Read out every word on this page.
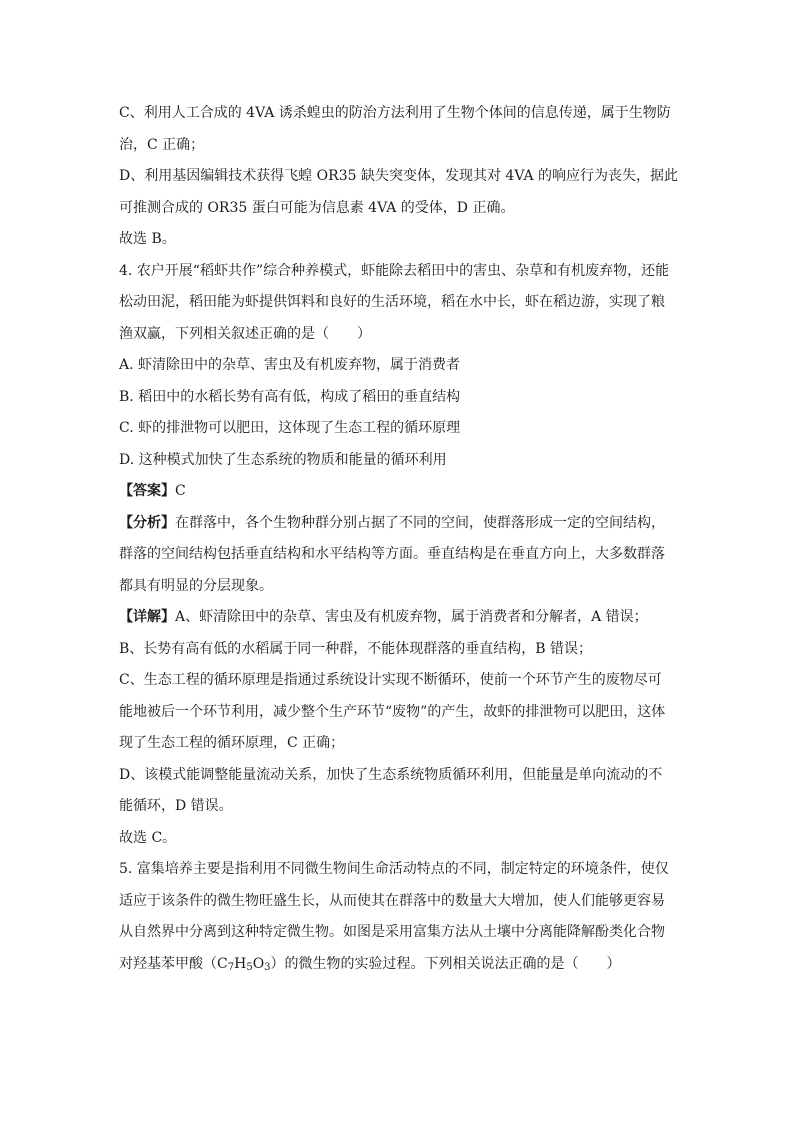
C、利用人工合成的 4VA 诱杀蝗虫的防治方法利用了生物个体间的信息传递，属于生物防
治，C 正确；
D、利用基因编辑技术获得飞蝗 OR35 缺失突变体，发现其对 4VA 的响应行为丧失，据此
可推测合成的 OR35 蛋白可能为信息素 4VA 的受体，D 正确。
故选 B。
4. 农户开展“稻虾共作”综合种养模式，虾能除去稻田中的害虫、杂草和有机废弃物，还能
松动田泥，稻田能为虾提供饵料和良好的生活环境，稻在水中长，虾在稻边游，实现了粮
渔双赢，下列相关叙述正确的是（　　）
A. 虾清除田中的杂草、害虫及有机废弃物，属于消费者
B. 稻田中的水稻长势有高有低，构成了稻田的垂直结构
C. 虾的排泄物可以肥田，这体现了生态工程的循环原理
D. 这种模式加快了生态系统的物质和能量的循环利用
【答案】C
【分析】在群落中，各个生物种群分别占据了不同的空间，使群落形成一定的空间结构，
群落的空间结构包括垂直结构和水平结构等方面。垂直结构是在垂直方向上，大多数群落
都具有明显的分层现象。
【详解】A、虾清除田中的杂草、害虫及有机废弃物，属于消费者和分解者，A 错误；
B、长势有高有低的水稻属于同一种群，不能体现群落的垂直结构，B 错误；
C、生态工程的循环原理是指通过系统设计实现不断循环，使前一个环节产生的废物尽可
能地被后一个环节利用，减少整个生产环节“废物”的产生，故虾的排泄物可以肥田，这体
现了生态工程的循环原理，C 正确；
D、该模式能调整能量流动关系，加快了生态系统物质循环利用，但能量是单向流动的不
能循环，D 错误。
故选 C。
5. 富集培养主要是指利用不同微生物间生命活动特点的不同，制定特定的环境条件，使仅
适应于该条件的微生物旺盛生长，从而使其在群落中的数量大大增加，使人们能够更容易
从自然界中分离到这种特定微生物。如图是采用富集方法从土壤中分离能降解酚类化合物
对羟基苯甲酸$(C_7H_5O_3)$的微生物的实验过程。下列相关说法正确的是（　　）
